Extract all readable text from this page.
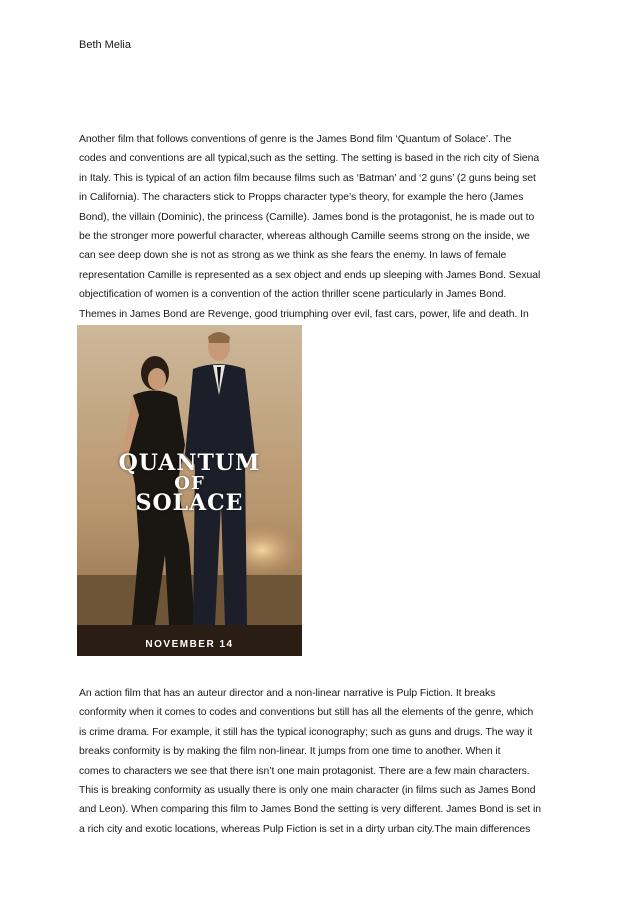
Beth Melia

Another film that follows conventions of genre is the James Bond film ‘Quantum of Solace’. The
codes and conventions are all typical,such as the setting. The setting is based in the rich city of Siena
in Italy. This is typical of an action film because films such as ‘Batman’ and ‘2 guns’ (2 guns being set
in California). The characters stick to Propps character type’s theory, for example the hero (James
Bond), the villain (Dominic), the princess (Camille). James bond is the protagonist, he is made out to
be the stronger more powerful character, whereas although Camille seems strong on the inside, we
can see deep down she is not as strong as we think as she fears the enemy. In laws of female
representation Camille is represented as a sex object and ends up sleeping with James Bond. Sexual
objectification of women is a convention of the action thriller scene particularly in James Bond.
Themes in James Bond are Revenge, good triumphing over evil, fast cars, power, life and death. In

QUANTUM
OF
SOLACE
NOVEMBER 14

An action film that has an auteur director and a non-linear narrative is Pulp Fiction. It breaks
conformity when it comes to codes and conventions but still has all the elements of the genre, which
is crime drama. For example, it still has the typical iconography; such as guns and drugs. The way it
breaks conformity is by making the film non-linear. It jumps from one time to another. When it
comes to characters we see that there isn’t one main protagonist. There are a few main characters.
This is breaking conformity as usually there is only one main character (in films such as James Bond
and Leon). When comparing this film to James Bond the setting is very different. James Bond is set in
a rich city and exotic locations, whereas Pulp Fiction is set in a dirty urban city.The main differences
